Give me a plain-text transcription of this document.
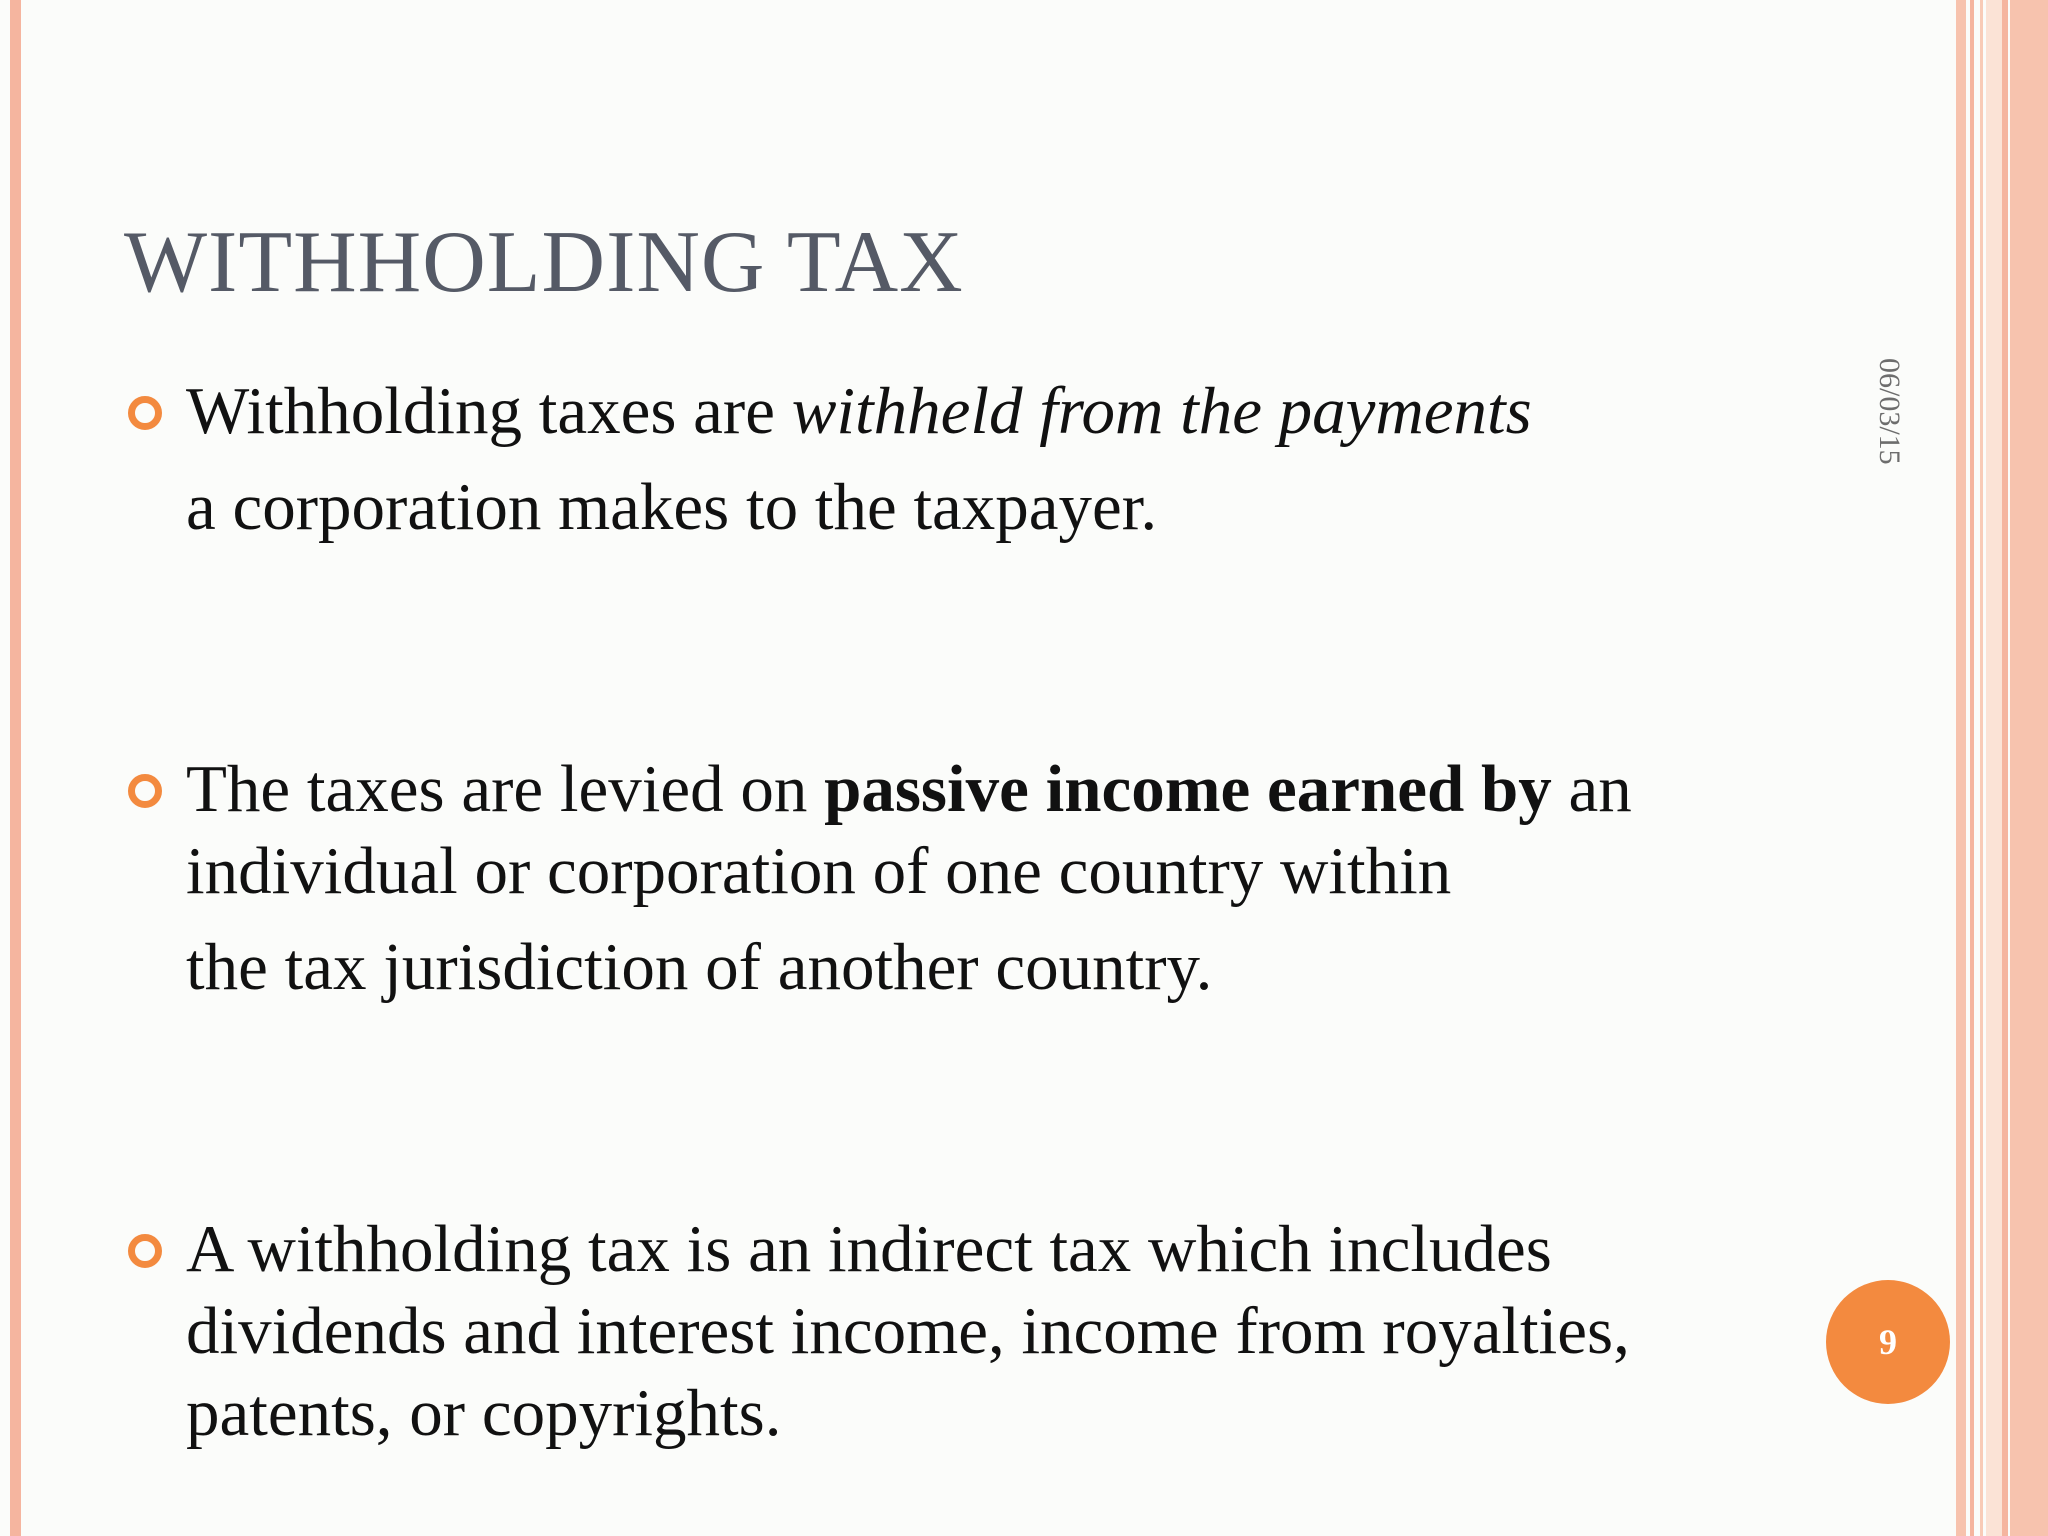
WITHHOLDING TAX
06/03/15

Withholding taxes are withheld from the payments

a corporation makes to the taxpayer.

The taxes are levied on passive income earned by an individual or corporation of one country within

the tax jurisdiction of another country.

A withholding tax is an indirect tax which includes dividends and interest income, income from royalties, patents, or copyrights.

9
